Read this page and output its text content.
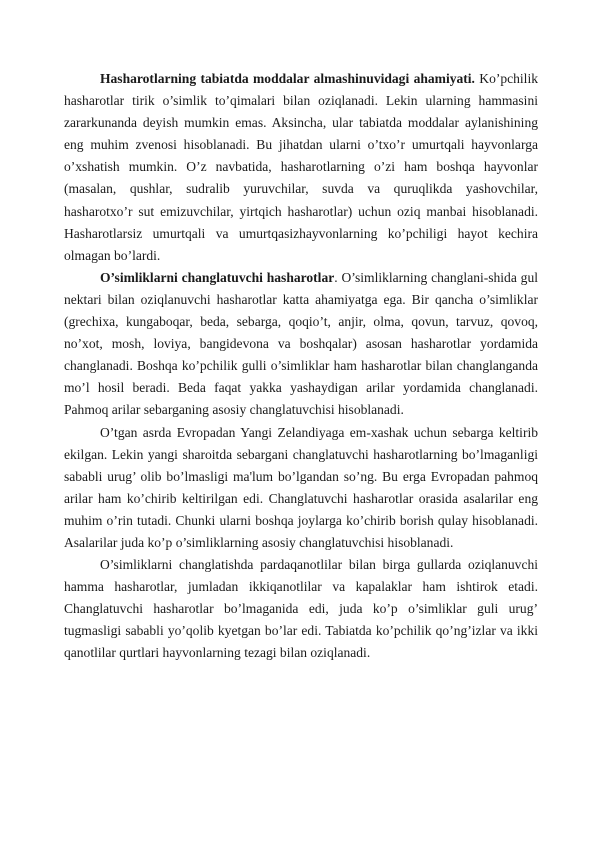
Hasharotlarning tabiatda moddalar almashinuvidagi ahamiyati. Ko’pchilik hasharotlar tirik o’simlik to’qimalari bilan oziqlanadi. Lekin ularning hammasini zararkunanda deyish mumkin emas. Aksincha, ular tabiatda moddalar aylanishining eng muhim zvenosi hisoblanadi. Bu jihatdan ularni o’txo’r umurtqali hayvonlarga o’xshatish mumkin. O’z navbatida, hasharotlarning o’zi ham boshqa hayvonlar (masalan, qushlar, sudralib yuruvchilar, suvda va quruqlikda yashovchilar, hasharotxo’r sut emizuvchilar, yirtqich hasharotlar) uchun oziq manbai hisoblanadi. Hasharotlarsiz umurtqali va umurtqasizhayvonlarning ko’pchiligi hayot kechira olmagan bo’lardi.

O’simliklarni changlatuvchi hasharotlar. O’simliklarning changlani-shida gul nektari bilan oziqlanuvchi hasharotlar katta ahamiyatga ega. Bir qancha o’simliklar (grechixa, kungaboqar, beda, sebarga, qoqio’t, anjir, olma, qovun, tarvuz, qovoq, no’xot, mosh, loviya, bangidevona va boshqalar) asosan hasharotlar yordamida changlanadi. Boshqa ko’pchilik gulli o’simliklar ham hasharotlar bilan changlanganda mo’l hosil beradi. Beda faqat yakka yashaydigan arilar yordamida changlanadi. Pahmoq arilar sebarganing asosiy changlatuvchisi hisoblanadi.

O’tgan asrda Evropadan Yangi Zelandiyaga em-xashak uchun sebarga keltirib ekilgan. Lekin yangi sharoitda sebargani changlatuvchi hasharotlarning bo’lmaganligi sababli urug’ olib bo’lmasligi ma'lum bo’lgandan so’ng. Bu erga Evropadan pahmoq arilar ham ko’chirib keltirilgan edi. Changlatuvchi hasharotlar orasida asalarilar eng muhim o’rin tutadi. Chunki ularni boshqa joylarga ko’chirib borish qulay hisoblanadi. Asalarilar juda ko’p o’simliklarning asosiy changlatuvchisi hisoblanadi.

O’simliklarni changlatishda pardaqanotlilar bilan birga gullarda oziqlanuvchi hamma hasharotlar, jumladan ikkiqanotlilar va kapalaklar ham ishtirok etadi. Changlatuvchi hasharotlar bo’lmaganida edi, juda ko’p o’simliklar guli urug’ tugmasligi sababli yo’qolib kyetgan bo’lar edi. Tabiatda ko’pchilik qo’ng’izlar va ikki qanotlilar qurtlari hayvonlarning tezagi bilan oziqlanadi.
